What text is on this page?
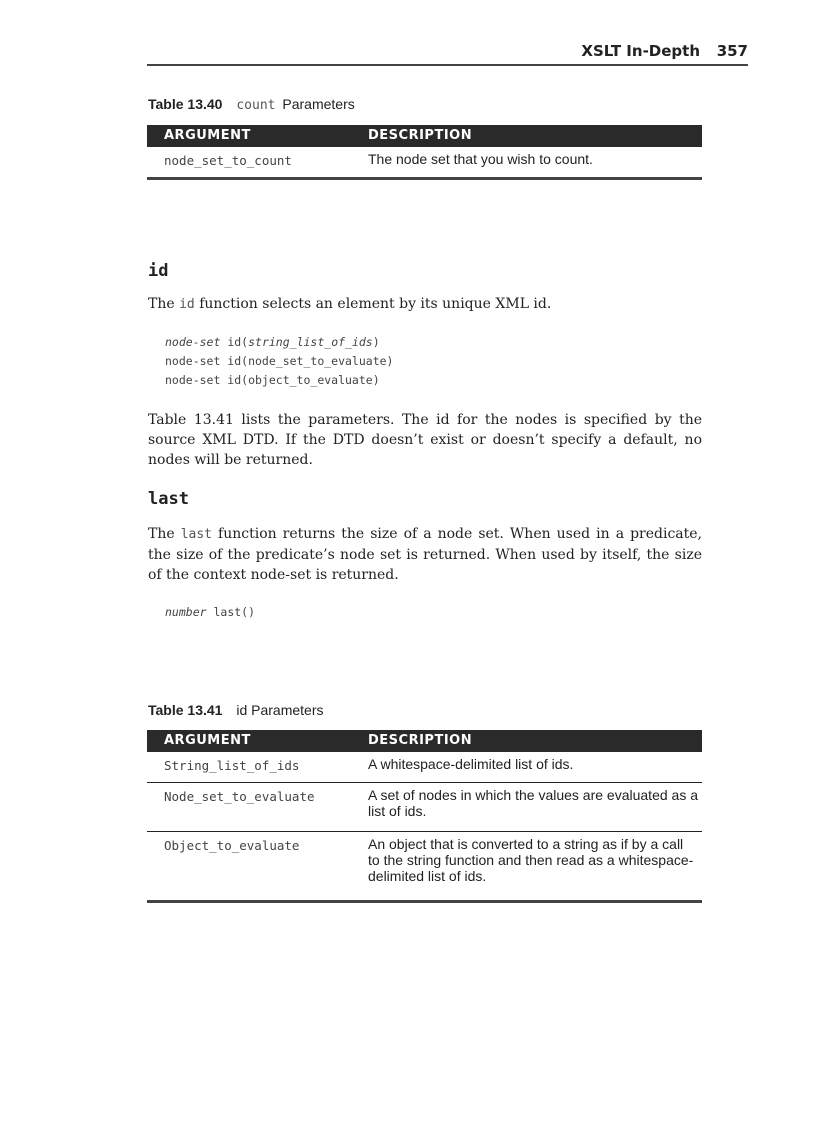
XSLT In-Depth 357
Table 13.40 count Parameters
ARGUMENT	DESCRIPTION
node_set_to_count	The node set that you wish to count.
id

The id function selects an element by its unique XML id.

node-set id(string_list_of_ids)
node-set id(node_set_to_evaluate)
node-set id(object_to_evaluate)

Table 13.41 lists the parameters. The id for the nodes is specified by the source XML DTD. If the DTD doesn’t exist or doesn’t specify a default, no nodes will be returned.

last

The last function returns the size of a node set. When used in a predicate, the size of the predicate’s node set is returned. When used by itself, the size of the context node-set is returned.

number last()
Table 13.41 id Parameters
ARGUMENT	DESCRIPTION
String_list_of_ids	A whitespace-delimited list of ids.
Node_set_to_evaluate	A set of nodes in which the values are evaluated as a list of ids.
Object_to_evaluate	An object that is converted to a string as if by a call to the string function and then read as a whitespace-delimited list of ids.
